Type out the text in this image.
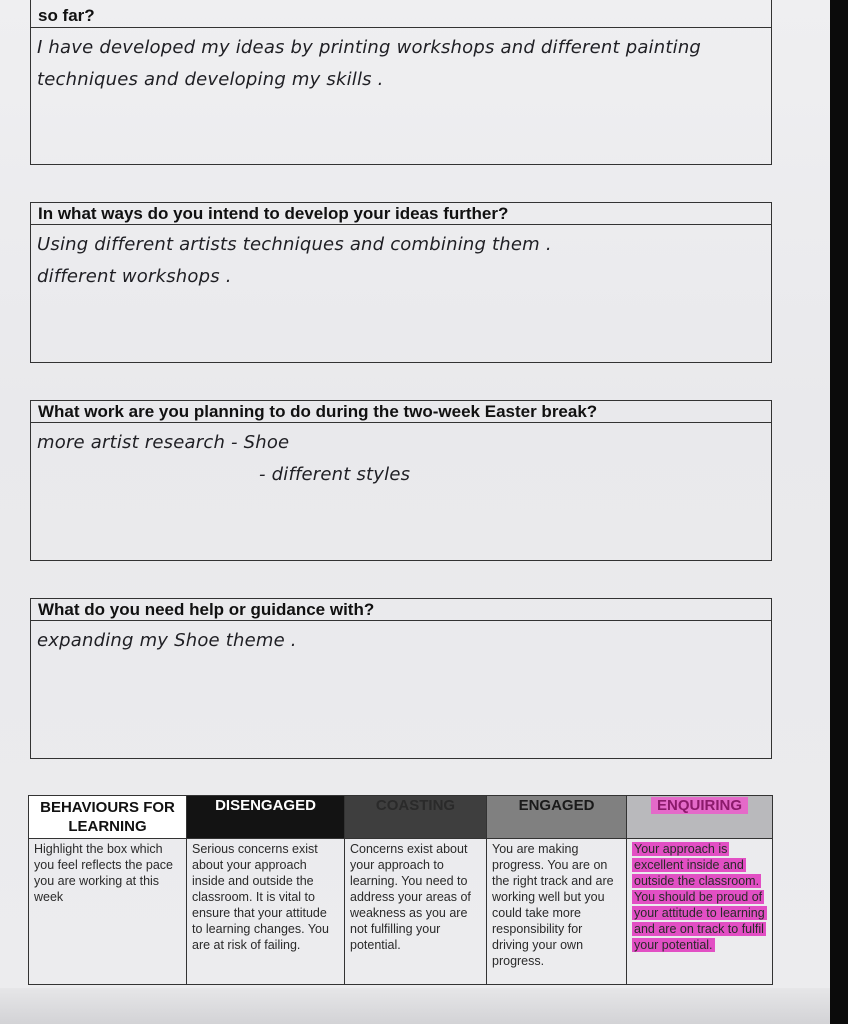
so far?
I have developed my ideas by printing workshops and different painting
techniques and developing my skills .
In what ways do you intend to develop your ideas further?
Using different artists techniques and combining them .
different workshops .
What work are you planning to do during the two-week Easter break?
more artist research - Shoe
- different styles
What do you need help or guidance with?
expanding my Shoe theme .
BEHAVIOURS FOR LEARNING	DISENGAGED	COASTING	ENGAGED	ENQUIRING
Highlight the box which you feel reflects the pace you are working at this week	Serious concerns exist about your approach inside and outside the classroom. It is vital to ensure that your attitude to learning changes. You are at risk of failing.	Concerns exist about your approach to learning. You need to address your areas of weakness as you are not fulfilling your potential.	You are making progress. You are on the right track and are working well but you could take more responsibility for driving your own progress.	Your approach is excellent inside and outside the classroom. You should be proud of your attitude to learning and are on track to fulfil your potential.
